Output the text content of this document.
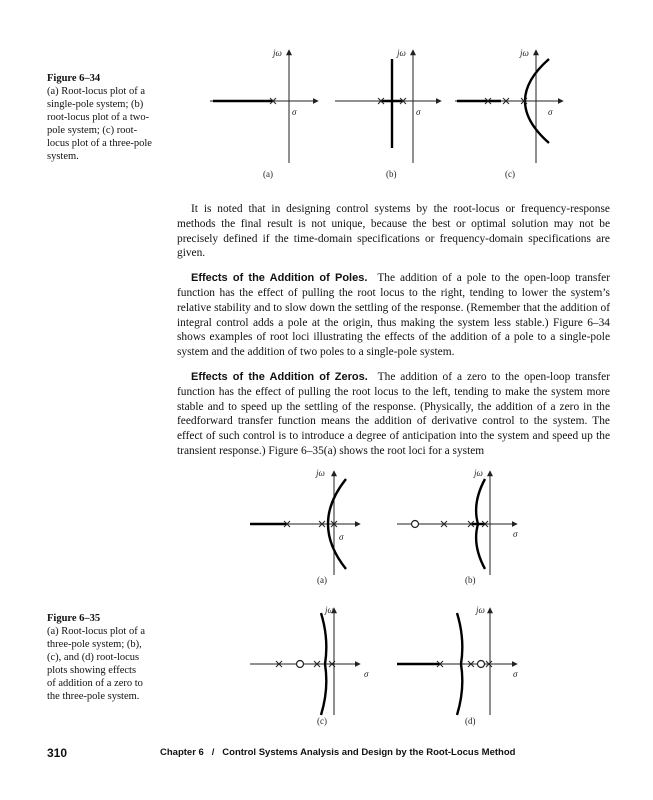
Figure 6–34
(a) Root-locus plot of a single-pole system; (b) root-locus plot of a two-pole system; (c) root-locus plot of a three-pole system.
jω
σ
(a)
jω
σ
(b)
jω
σ
(c)

It is noted that in designing control systems by the root-locus or frequency-response methods the final result is not unique, because the best or optimal solution may not be precisely defined if the time-domain specifications or frequency-domain specifications are given.

Effects of the Addition of Poles. The addition of a pole to the open-loop transfer function has the effect of pulling the root locus to the right, tending to lower the system’s relative stability and to slow down the settling of the response. (Remember that the addition of integral control adds a pole at the origin, thus making the system less stable.) Figure 6–34 shows examples of root loci illustrating the effects of the addition of a pole to a single-pole system and the addition of two poles to a single-pole system.

Effects of the Addition of Zeros. The addition of a zero to the open-loop transfer function has the effect of pulling the root locus to the left, tending to make the system more stable and to speed up the settling of the response. (Physically, the addition of a zero in the feedforward transfer function means the addition of derivative control to the system. The effect of such control is to introduce a degree of anticipation into the system and speed up the transient response.) Figure 6–35(a) shows the root loci for a system

jω
σ
(a)
jω
σ
(b)
jω
σ
(c)
jω
σ
(d)
Figure 6–35
(a) Root-locus plot of a three-pole system; (b), (c), and (d) root-locus plots showing effects of addition of a zero to the three-pole system.
310	Chapter 6   /   Control Systems Analysis and Design by the Root-Locus Method
